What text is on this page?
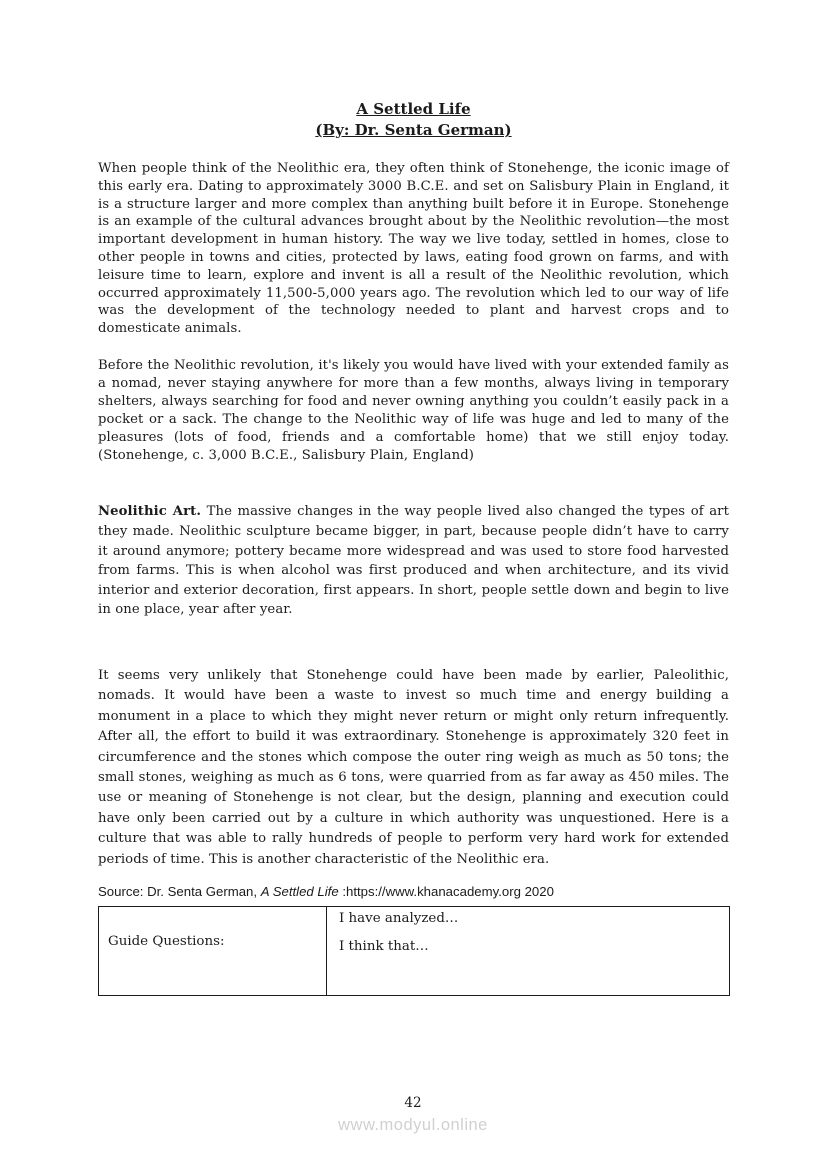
A Settled Life
(By: Dr. Senta German)

When people think of the Neolithic era, they often think of Stonehenge, the iconic image of this early era. Dating to approximately 3000 B.C.E. and set on Salisbury Plain in England, it is a structure larger and more complex than anything built before it in Europe. Stonehenge is an example of the cultural advances brought about by the Neolithic revolution—the most important development in human history. The way we live today, settled in homes, close to other people in towns and cities, protected by laws, eating food grown on farms, and with leisure time to learn, explore and invent is all a result of the Neolithic revolution, which occurred approximately 11,500-5,000 years ago. The revolution which led to our way of life was the development of the technology needed to plant and harvest crops and to domesticate animals.

Before the Neolithic revolution, it's likely you would have lived with your extended family as a nomad, never staying anywhere for more than a few months, always living in temporary shelters, always searching for food and never owning anything you couldn’t easily pack in a pocket or a sack. The change to the Neolithic way of life was huge and led to many of the pleasures (lots of food, friends and a comfortable home) that we still enjoy today.(Stonehenge, c. 3,000 B.C.E., Salisbury Plain, England)

Neolithic Art. The massive changes in the way people lived also changed the types of art they made. Neolithic sculpture became bigger, in part, because people didn’t have to carry it around anymore; pottery became more widespread and was used to store food harvested from farms. This is when alcohol was first produced and when architecture, and its vivid interior and exterior decoration, first appears. In short, people settle down and begin to live in one place, year after year.

It seems very unlikely that Stonehenge could have been made by earlier, Paleolithic, nomads. It would have been a waste to invest so much time and energy building a monument in a place to which they might never return or might only return infrequently. After all, the effort to build it was extraordinary. Stonehenge is approximately 320 feet in circumference and the stones which compose the outer ring weigh as much as 50 tons; the small stones, weighing as much as 6 tons, were quarried from as far away as 450 miles. The use or meaning of Stonehenge is not clear, but the design, planning and execution could have only been carried out by a culture in which authority was unquestioned. Here is a culture that was able to rally hundreds of people to perform very hard work for extended periods of time. This is another characteristic of the Neolithic era.

Source: Dr. Senta German, A Settled Life :https://www.khanacademy.org 2020
Guide Questions:	
I have analyzed…
I think that…
42
www.modyul.online
